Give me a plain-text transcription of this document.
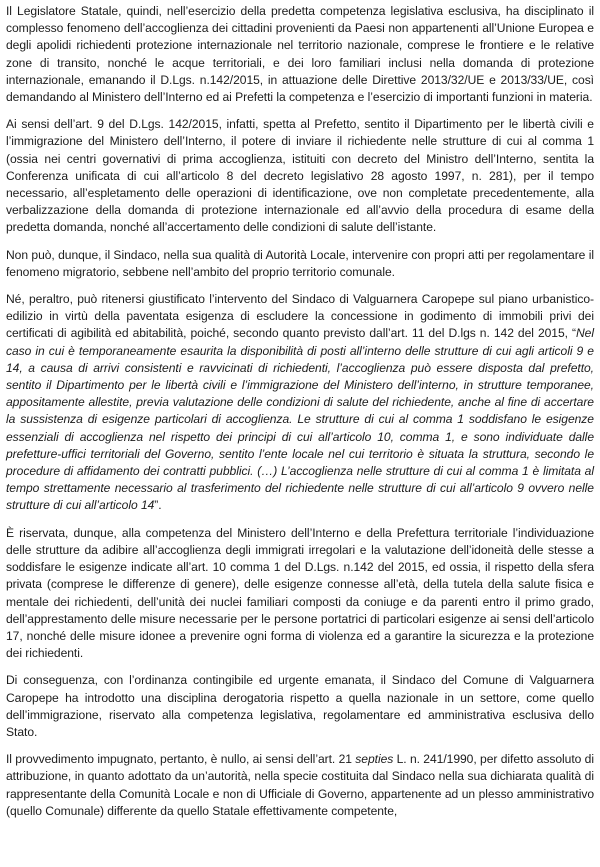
Il Legislatore Statale, quindi, nell’esercizio della predetta competenza legislativa esclusiva, ha disciplinato il complesso fenomeno dell’accoglienza dei cittadini provenienti da Paesi non appartenenti all’Unione Europea e degli apolidi richiedenti protezione internazionale nel territorio nazionale, comprese le frontiere e le relative zone di transito, nonché le acque territoriali, e dei loro familiari inclusi nella domanda di protezione internazionale, emanando il D.Lgs. n.142/2015, in attuazione delle Direttive 2013/32/UE e 2013/33/UE, così demandando al Ministero dell’Interno ed ai Prefetti la competenza e l’esercizio di importanti funzioni in materia.

Ai sensi dell’art. 9 del D.Lgs. 142/2015, infatti, spetta al Prefetto, sentito il Dipartimento per le libertà civili e l’immigrazione del Ministero dell’Interno, il potere di inviare il richiedente nelle strutture di cui al comma 1 (ossia nei centri governativi di prima accoglienza, istituiti con decreto del Ministro dell’Interno, sentita la Conferenza unificata di cui all’articolo 8 del decreto legislativo 28 agosto 1997, n. 281), per il tempo necessario, all’espletamento delle operazioni di identificazione, ove non completate precedentemente, alla verbalizzazione della domanda di protezione internazionale ed all’avvio della procedura di esame della predetta domanda, nonché all’accertamento delle condizioni di salute dell’istante.

Non può, dunque, il Sindaco, nella sua qualità di Autorità Locale, intervenire con propri atti per regolamentare il fenomeno migratorio, sebbene nell’ambito del proprio territorio comunale.

Né, peraltro, può ritenersi giustificato l’intervento del Sindaco di Valguarnera Caropepe sul piano urbanistico-edilizio in virtù della paventata esigenza di escludere la concessione in godimento di immobili privi dei certificati di agibilità ed abitabilità, poiché, secondo quanto previsto dall’art. 11 del D.lgs n. 142 del 2015, “Nel caso in cui è temporaneamente esaurita la disponibilità di posti all’interno delle strutture di cui agli articoli 9 e 14, a causa di arrivi consistenti e ravvicinati di richiedenti, l’accoglienza può essere disposta dal prefetto, sentito il Dipartimento per le libertà civili e l’immigrazione del Ministero dell’interno, in strutture temporanee, appositamente allestite, previa valutazione delle condizioni di salute del richiedente, anche al fine di accertare la sussistenza di esigenze particolari di accoglienza. Le strutture di cui al comma 1 soddisfano le esigenze essenziali di accoglienza nel rispetto dei principi di cui all’articolo 10, comma 1, e sono individuate dalle prefetture-uffici territoriali del Governo, sentito l’ente locale nel cui territorio è situata la struttura, secondo le procedure di affidamento dei contratti pubblici. (…) L’accoglienza nelle strutture di cui al comma 1 è limitata al tempo strettamente necessario al trasferimento del richiedente nelle strutture di cui all’articolo 9 ovvero nelle strutture di cui all’articolo 14”.

È riservata, dunque, alla competenza del Ministero dell’Interno e della Prefettura territoriale l’individuazione delle strutture da adibire all’accoglienza degli immigrati irregolari e la valutazione dell’idoneità delle stesse a soddisfare le esigenze indicate all’art. 10 comma 1 del D.Lgs. n.142 del 2015, ed ossia, il rispetto della sfera privata (comprese le differenze di genere), delle esigenze connesse all’età, della tutela della salute fisica e mentale dei richiedenti, dell’unità dei nuclei familiari composti da coniuge e da parenti entro il primo grado, dell’apprestamento delle misure necessarie per le persone portatrici di particolari esigenze ai sensi dell’articolo 17, nonché delle misure idonee a prevenire ogni forma di violenza ed a garantire la sicurezza e la protezione dei richiedenti.

Di conseguenza, con l’ordinanza contingibile ed urgente emanata, il Sindaco del Comune di Valguarnera Caropepe ha introdotto una disciplina derogatoria rispetto a quella nazionale in un settore, come quello dell’immigrazione, riservato alla competenza legislativa, regolamentare ed amministrativa esclusiva dello Stato.

Il provvedimento impugnato, pertanto, è nullo, ai sensi dell’art. 21 septies L. n. 241/1990, per difetto assoluto di attribuzione, in quanto adottato da un’autorità, nella specie costituita dal Sindaco nella sua dichiarata qualità di rappresentante della Comunità Locale e non di Ufficiale di Governo, appartenente ad un plesso amministrativo (quello Comunale) differente da quello Statale effettivamente competente,
